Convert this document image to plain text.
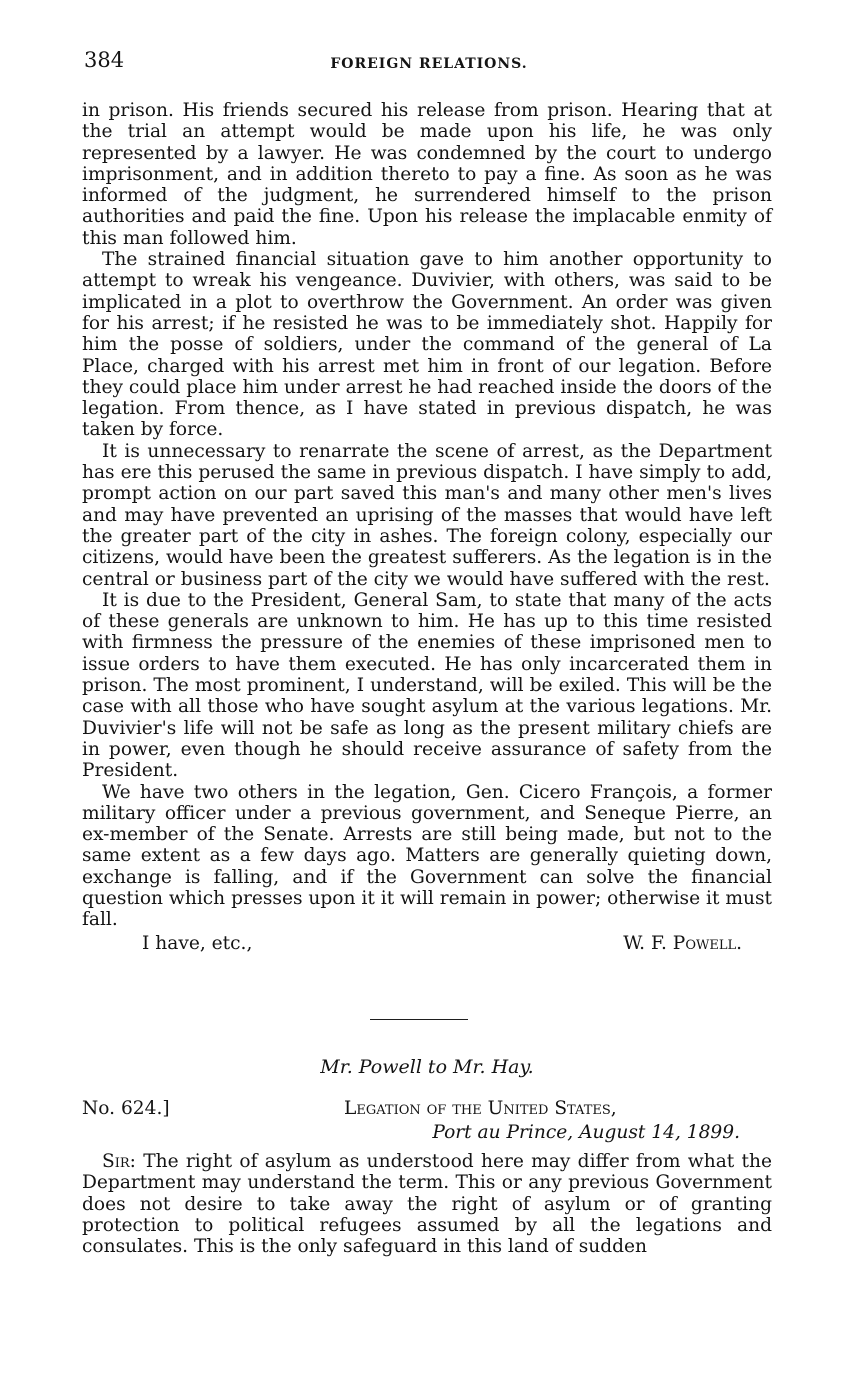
384	FOREIGN RELATIONS.

in prison. His friends secured his release from prison. Hearing that at the trial an attempt would be made upon his life, he was only represented by a lawyer. He was condemned by the court to undergo imprisonment, and in addition thereto to pay a fine. As soon as he was informed of the judgment, he surrendered himself to the prison authorities and paid the fine. Upon his release the implacable enmity of this man followed him.

The strained financial situation gave to him another opportunity to attempt to wreak his vengeance. Duvivier, with others, was said to be implicated in a plot to overthrow the Government. An order was given for his arrest; if he resisted he was to be immediately shot. Happily for him the posse of soldiers, under the command of the general of La Place, charged with his arrest met him in front of our legation. Before they could place him under arrest he had reached inside the doors of the legation. From thence, as I have stated in previous dispatch, he was taken by force.

It is unnecessary to renarrate the scene of arrest, as the Department has ere this perused the same in previous dispatch. I have simply to add, prompt action on our part saved this man's and many other men's lives and may have prevented an uprising of the masses that would have left the greater part of the city in ashes. The foreign colony, especially our citizens, would have been the greatest sufferers. As the legation is in the central or business part of the city we would have suffered with the rest.

It is due to the President, General Sam, to state that many of the acts of these generals are unknown to him. He has up to this time resisted with firmness the pressure of the enemies of these imprisoned men to issue orders to have them executed. He has only incarcerated them in prison. The most prominent, I understand, will be exiled. This will be the case with all those who have sought asylum at the various legations. Mr. Duvivier's life will not be safe as long as the present military chiefs are in power, even though he should receive assurance of safety from the President.

We have two others in the legation, Gen. Cicero François, a former military officer under a previous government, and Seneque Pierre, an ex-member of the Senate. Arrests are still being made, but not to the same extent as a few days ago. Matters are generally quieting down, exchange is falling, and if the Government can solve the financial question which presses upon it it will remain in power; otherwise it must fall.

I have, etc.,	W. F. Powell.
Mr. Powell to Mr. Hay.
No. 624.]	Legation of the United States,
Port au Prince, August 14, 1899.

Sir: The right of asylum as understood here may differ from what the Department may understand the term. This or any previous Government does not desire to take away the right of asylum or of granting protection to political refugees assumed by all the legations and consulates. This is the only safeguard in this land of sudden
